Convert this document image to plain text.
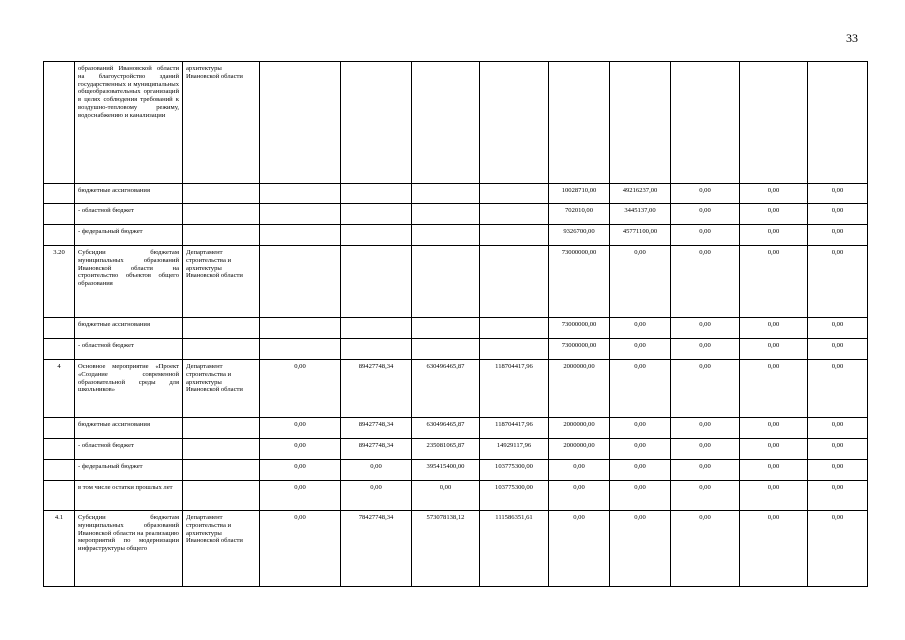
33
	образований Ивановской области на благоустройство зданий государственных и муниципальных общеобразовательных организаций в целях соблюдения требований к воздушно-тепловому режиму, водоснабжению и канализации	архитектуры Ивановской области									
	бюджетные ассигнования						10028710,00	49216237,00	0,00	0,00	0,00
	- областной бюджет						702010,00	3445137,00	0,00	0,00	0,00
	- федеральный бюджет						9326700,00	45771100,00	0,00	0,00	0,00
3.20	Субсидии бюджетам муниципальных образований Ивановской области на строительство объектов общего образования	Департамент строительства и архитектуры Ивановской области					73000000,00	0,00	0,00	0,00	0,00
	бюджетные ассигнования						73000000,00	0,00	0,00	0,00	0,00
	- областной бюджет						73000000,00	0,00	0,00	0,00	0,00
4	Основное мероприятие «Проект «Создание современной образовательной среды для школьников»	Департамент строительства и архитектуры Ивановской области	0,00	89427748,34	630496465,87	118704417,96	2000000,00	0,00	0,00	0,00	0,00
	бюджетные ассигнования		0,00	89427748,34	630496465,87	118704417,96	2000000,00	0,00	0,00	0,00	0,00
	- областной бюджет		0,00	89427748,34	235081065,87	14929117,96	2000000,00	0,00	0,00	0,00	0,00
	- федеральный бюджет		0,00	0,00	395415400,00	103775300,00	0,00	0,00	0,00	0,00	0,00
	в том числе остатки прошлых лет		0,00	0,00	0,00	103775300,00	0,00	0,00	0,00	0,00	0,00
4.1	Субсидии бюджетам муниципальных образований Ивановской области на реализацию мероприятий по модернизации инфраструктуры общего	Департамент строительства и архитектуры Ивановской области	0,00	78427748,34	573078138,12	111586351,61	0,00	0,00	0,00	0,00	0,00
